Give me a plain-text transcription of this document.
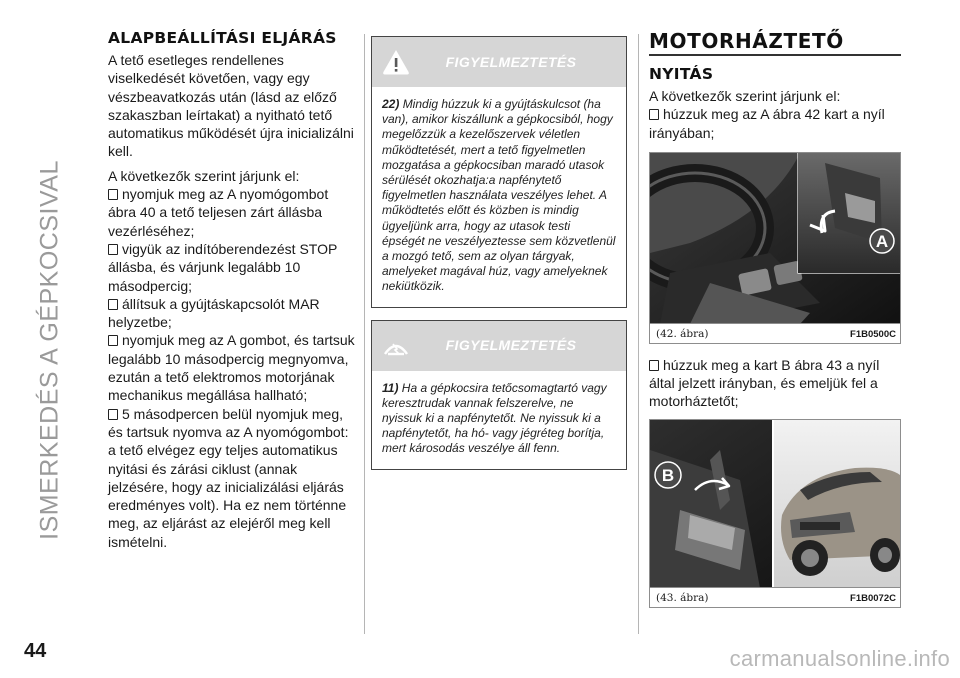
ISMERKEDÉS A GÉPKOCSIVAL
44	carmanualsonline.info
ALAPBEÁLLÍTÁSI ELJÁRÁS

A tető esetleges rendellenes viselkedését követően, vagy egy vészbeavatkozás után (lásd az előző szakaszban leírtakat) a nyitható tető automatikus működését újra inicializálni kell.

A következők szerint járjunk el:

nyomjuk meg az A nyomógombot ábra 40 a tető teljesen zárt állásba vezérléséhez;
vigyük az indítóberendezést STOP állásba, és várjunk legalább 10 másodpercig;
állítsuk a gyújtáskapcsolót MAR helyzetbe;
nyomjuk meg az A gombot, és tartsuk legalább 10 másodpercig megnyomva, ezután a tető elektromos motorjának mechanikus megállása hallható;
5 másodpercen belül nyomjuk meg, és tartsuk nyomva az A nyomógombot: a tető elvégez egy teljes automatikus nyitási és zárási ciklust (annak jelzésére, hogy az inicializálási eljárás eredményes volt). Ha ez nem történne meg, az eljárást az elejéről meg kell ismételni.
FIGYELMEZTETÉS
22) Mindig húzzuk ki a gyújtáskulcsot (ha van), amikor kiszállunk a gépkocsiból, hogy megelőzzük a kezelőszervek véletlen működtetését, mert a tető figyelmetlen mozgatása a gépkocsiban maradó utasok sérülését okozhatja:a napfénytető figyelmetlen használata veszélyes lehet. A működtetés előtt és közben is mindig ügyeljünk arra, hogy az utasok testi épségét ne veszélyeztesse sem közvetlenül a mozgó tető, sem az olyan tárgyak, amelyeket magával húz, vagy amelyeknek nekiütközik.
FIGYELMEZTETÉS
11) Ha a gépkocsira tetőcsomagtartó vagy keresztrudak vannak felszerelve, ne nyissuk ki a napfénytetőt. Ne nyissuk ki a napfénytetőt, ha hó- vagy jégréteg borítja, mert károsodás veszélye áll fenn.
MOTORHÁZTETŐ
NYITÁS

A következők szerint járjunk el:

húzzuk meg az A ábra 42 kart a nyíl irányában;
A
(42. ábra)	F1B0500C
húzzuk meg a kart B ábra 43 a nyíl által jelzett irányban, és emeljük fel a motorháztetőt;
B
(43. ábra)	F1B0072C
